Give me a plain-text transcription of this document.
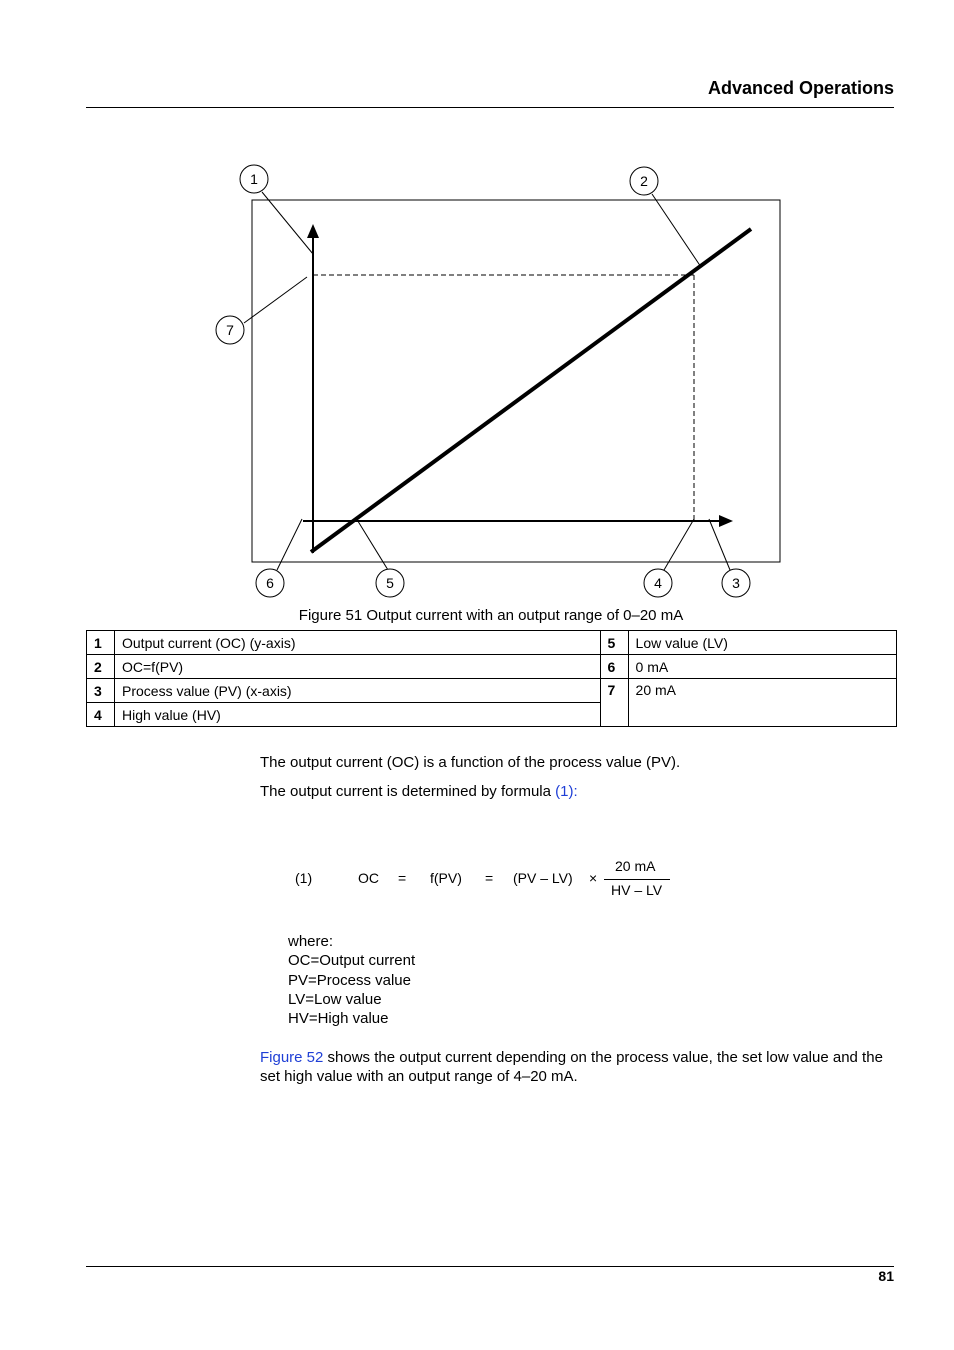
Advanced Operations
1	2
3
4
5
6
7
Figure 51 Output current with an output range of 0–20 mA
1	Output current (OC) (y-axis)	5	Low value (LV)
2	OC=f(PV)	6	0 mA
3	Process value (PV) (x-axis)	7	20 mA
4	High value (HV)		
The output current (OC) is a function of the process value (PV).
The output current is determined by formula (1):
(1)	OC = f(PV) = (PV – LV) ×
20 mA
HV – LV
where:
OC=Output current
PV=Process value
LV=Low value
HV=High value
Figure 52 shows the output current depending on the process value, the set low value and the set high value with an output range of 4–20 mA.
81
